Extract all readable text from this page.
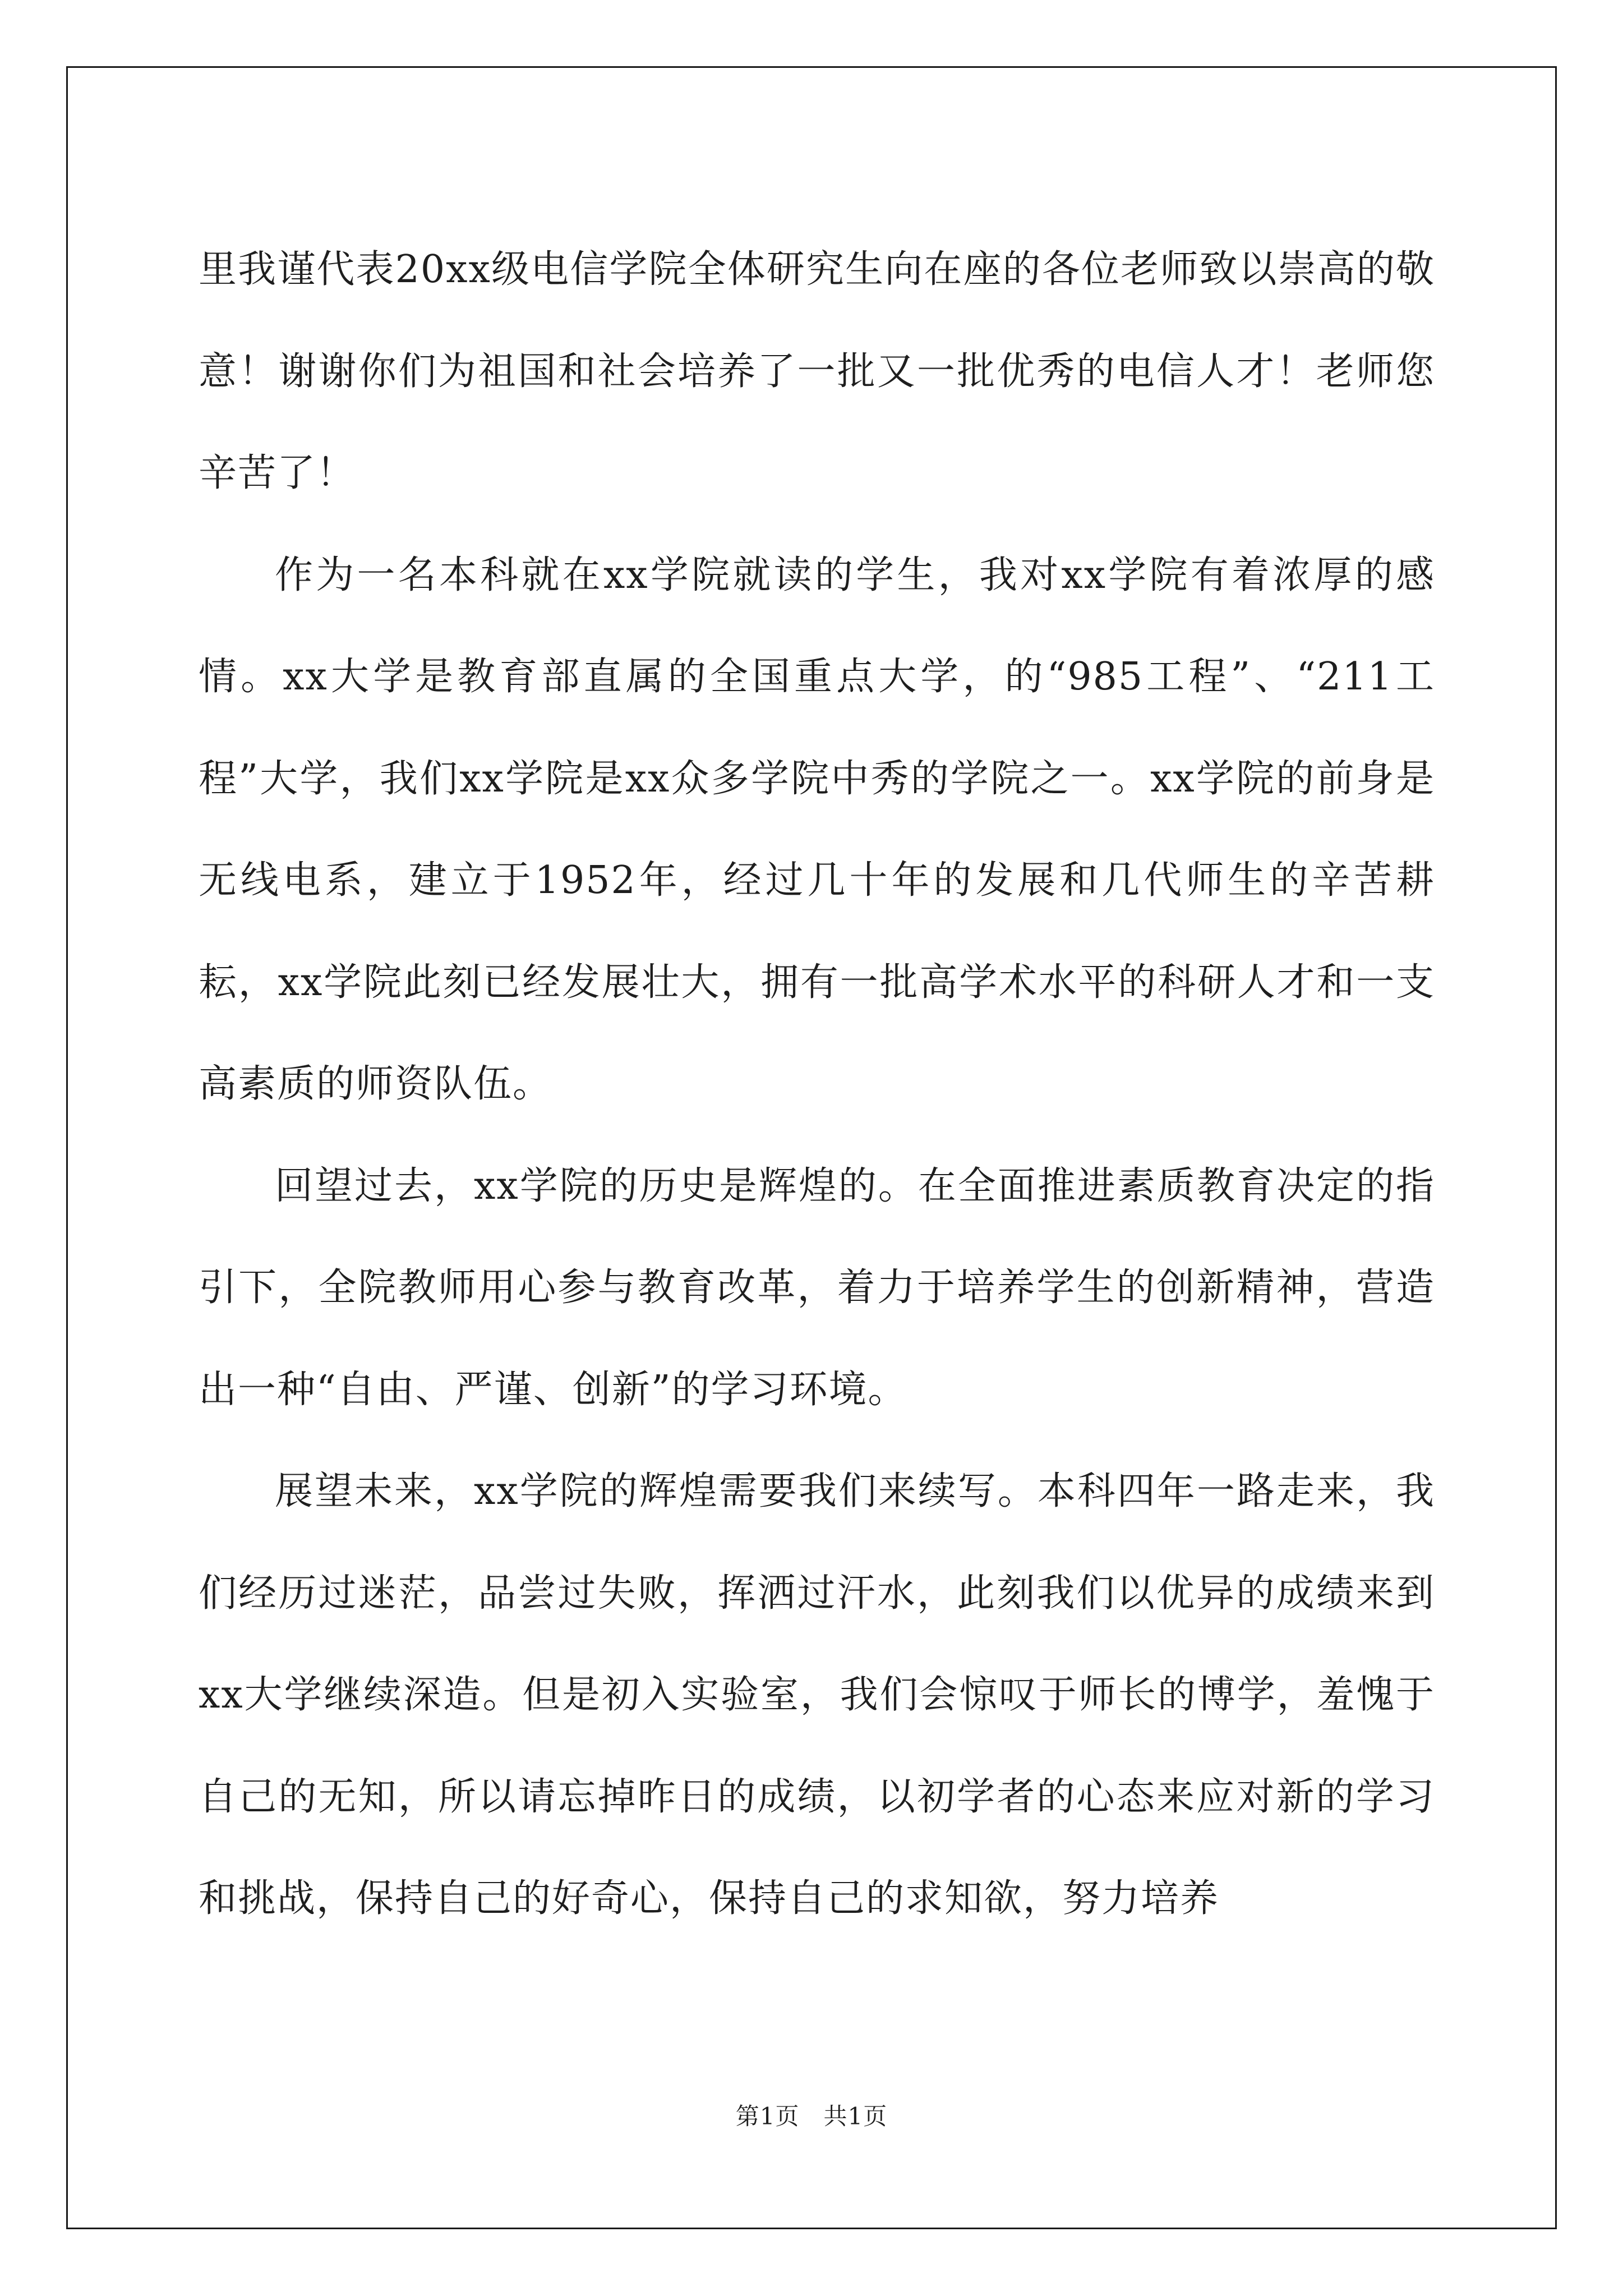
里我谨代表20xx级电信学院全体研究生向在座的各位老师致以崇高的敬意！谢谢你们为祖国和社会培养了一批又一批优秀的电信人才！老师您辛苦了！

作为一名本科就在xx学院就读的学生，我对xx学院有着浓厚的感情。xx大学是教育部直属的全国重点大学，的“985工程”、“211工程”大学，我们xx学院是xx众多学院中秀的学院之一。xx学院的前身是无线电系，建立于1952年，经过几十年的发展和几代师生的辛苦耕耘，xx学院此刻已经发展壮大，拥有一批高学术水平的科研人才和一支高素质的师资队伍。

回望过去，xx学院的历史是辉煌的。在全面推进素质教育决定的指引下，全院教师用心参与教育改革，着力于培养学生的创新精神，营造出一种“自由、严谨、创新”的学习环境。

展望未来，xx学院的辉煌需要我们来续写。本科四年一路走来，我们经历过迷茫，品尝过失败，挥洒过汗水，此刻我们以优异的成绩来到xx大学继续深造。但是初入实验室，我们会惊叹于师长的博学，羞愧于自己的无知，所以请忘掉昨日的成绩，以初学者的心态来应对新的学习和挑战，保持自己的好奇心，保持自己的求知欲，努力培养

第1页　共1页
